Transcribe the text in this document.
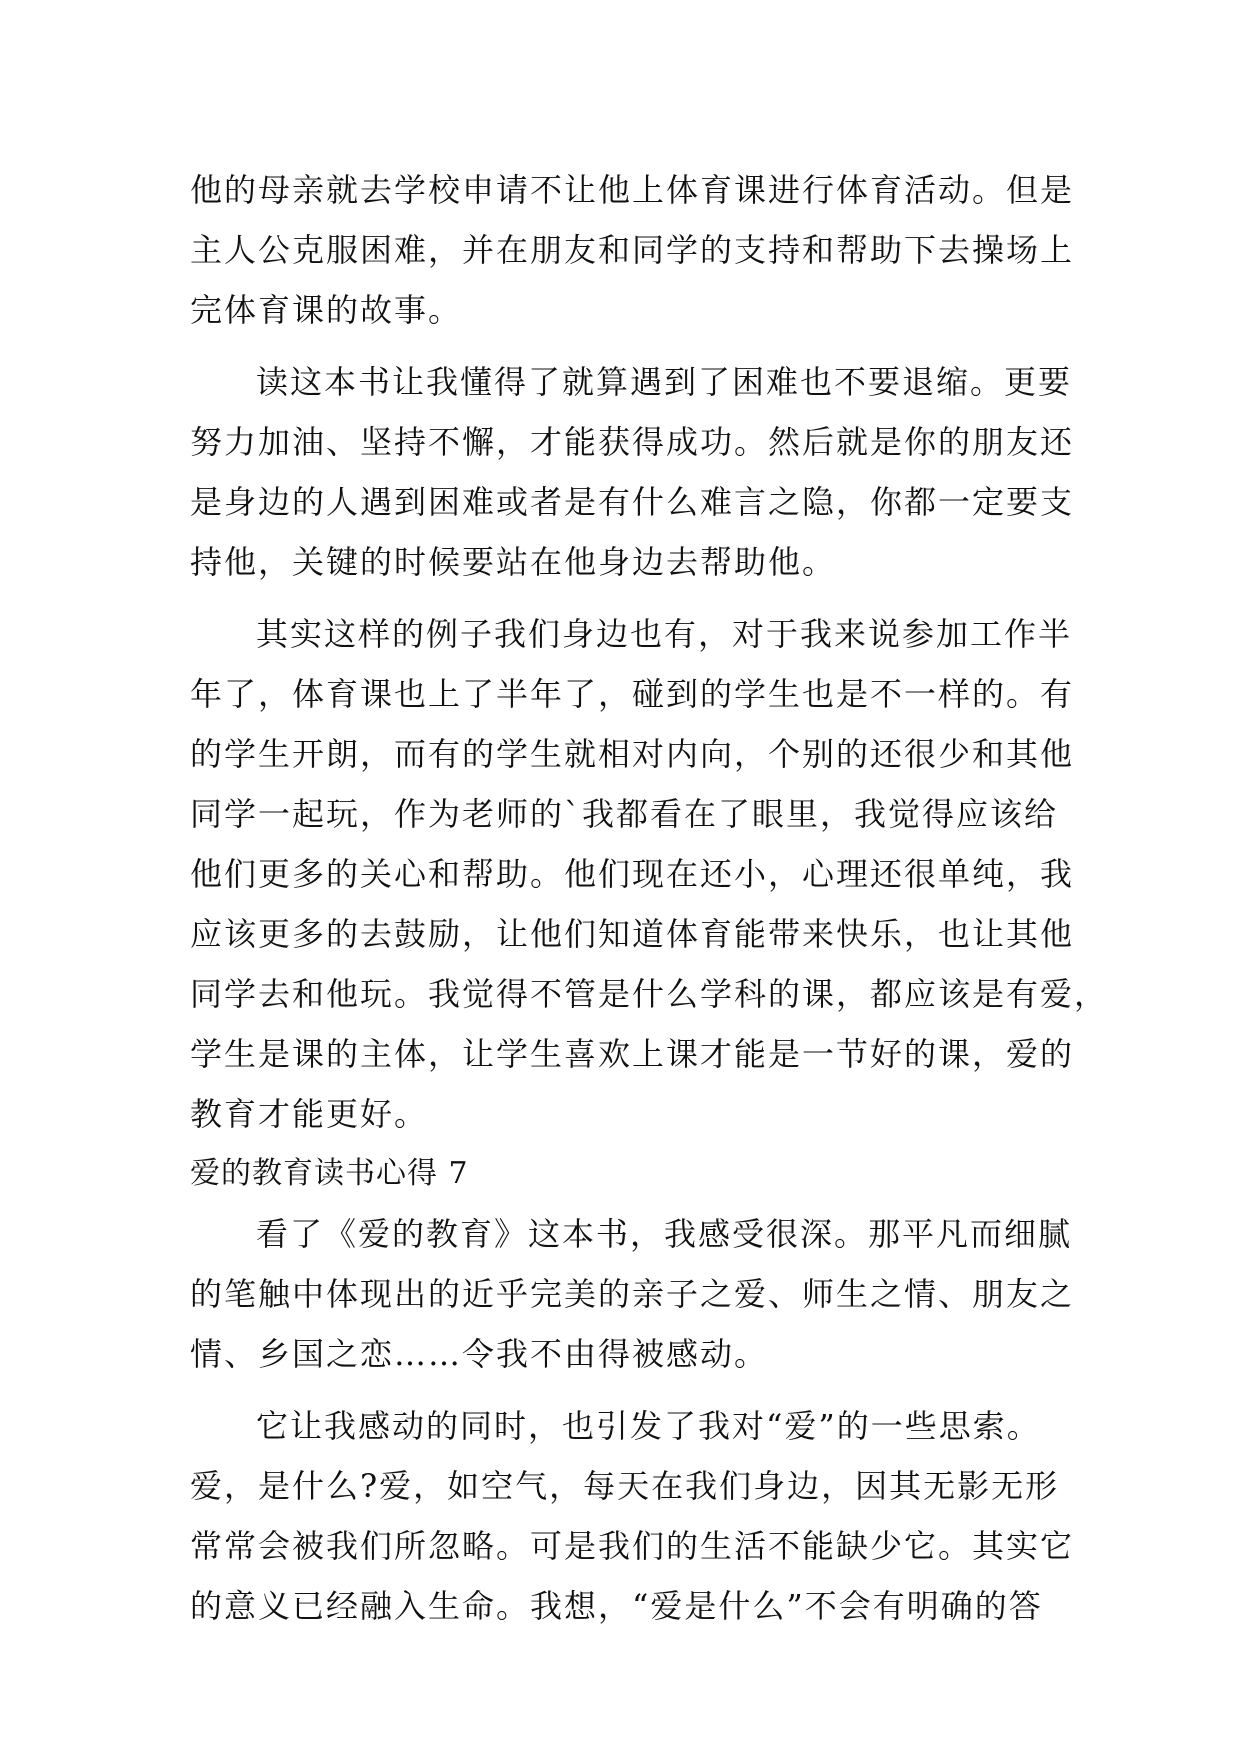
他的母亲就去学校申请不让他上体育课进行体育活动。但是
主人公克服困难，并在朋友和同学的支持和帮助下去操场上
完体育课的故事。
读这本书让我懂得了就算遇到了困难也不要退缩。更要
努力加油、坚持不懈，才能获得成功。然后就是你的朋友还
是身边的人遇到困难或者是有什么难言之隐，你都一定要支
持他，关键的时候要站在他身边去帮助他。
其实这样的例子我们身边也有，对于我来说参加工作半
年了，体育课也上了半年了，碰到的学生也是不一样的。有
的学生开朗，而有的学生就相对内向，个别的还很少和其他
同学一起玩，作为老师的`我都看在了眼里，我觉得应该给
他们更多的关心和帮助。他们现在还小，心理还很单纯，我
应该更多的去鼓励，让他们知道体育能带来快乐，也让其他
同学去和他玩。我觉得不管是什么学科的课，都应该是有爱，
学生是课的主体，让学生喜欢上课才能是一节好的课，爱的
教育才能更好。
爱的教育读书心得 7
看了《爱的教育》这本书，我感受很深。那平凡而细腻
的笔触中体现出的近乎完美的亲子之爱、师生之情、朋友之
情、乡国之恋……令我不由得被感动。
它让我感动的同时，也引发了我对“爱”的一些思索。
爱，是什么?爱，如空气，每天在我们身边，因其无影无形
常常会被我们所忽略。可是我们的生活不能缺少它。其实它
的意义已经融入生命。我想，“爱是什么”不会有明确的答
